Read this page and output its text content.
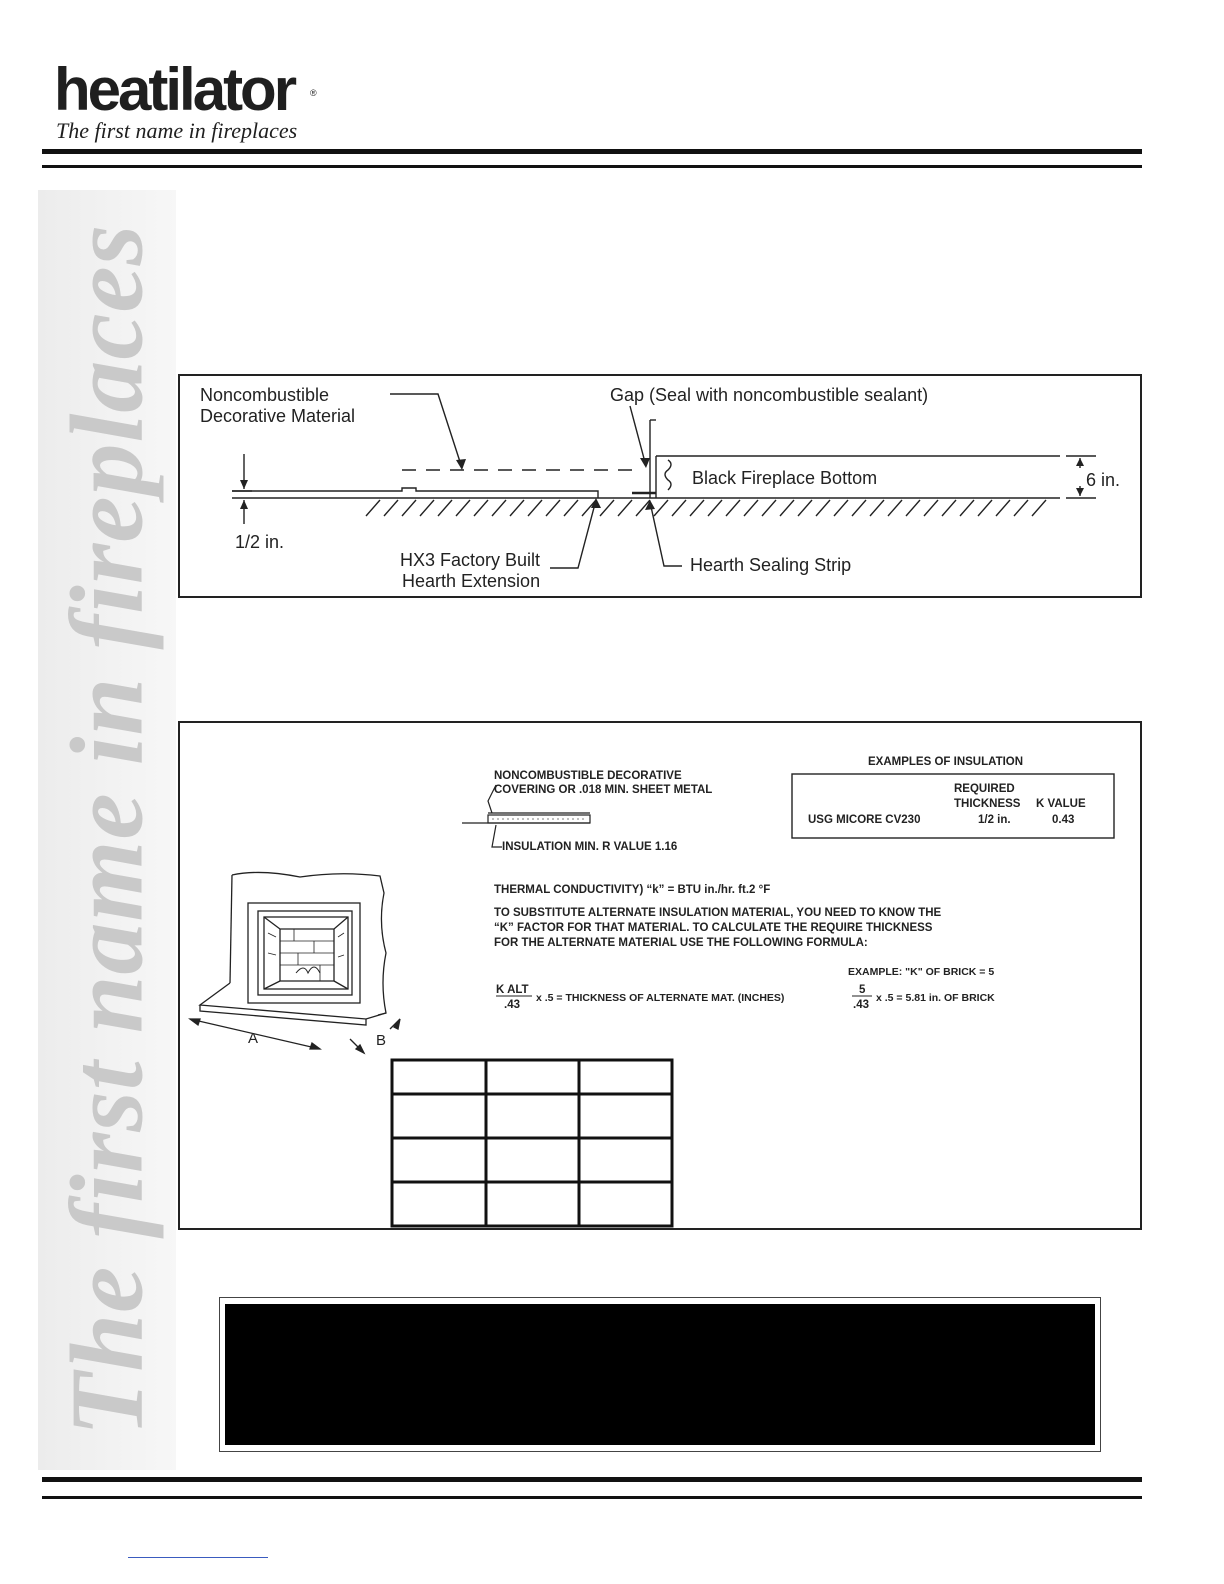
heatilator ®
The first name in fireplaces
The first name in fireplaces Noncombustible
Decorative Material
Gap (Seal with noncombustible sealant)
Black Fireplace Bottom	6 in.
1/2 in.
HX3 Factory Built
Hearth Extension
Hearth Sealing Strip
NONCOMBUSTIBLE DECORATIVE
COVERING OR .018 MIN. SHEET METAL
INSULATION MIN. R VALUE 1.16
EXAMPLES OF INSULATION
REQUIRED
THICKNESS K VALUE
USG MICORE CV230	1/2 in.	0.43
THERMAL CONDUCTIVITY) “k” = BTU in./hr. ft.2 °F
TO SUBSTITUTE ALTERNATE INSULATION MATERIAL, YOU NEED TO KNOW THE
“K” FACTOR FOR THAT MATERIAL. TO CALCULATE THE REQUIRE THICKNESS
FOR THE ALTERNATE MATERIAL USE THE FOLLOWING FORMULA:
EXAMPLE: "K" OF BRICK = 5
K ALT
.43
x .5 = THICKNESS OF ALTERNATE MAT. (INCHES)
5
.43
x .5 = 5.81 in. OF BRICK
A	B
